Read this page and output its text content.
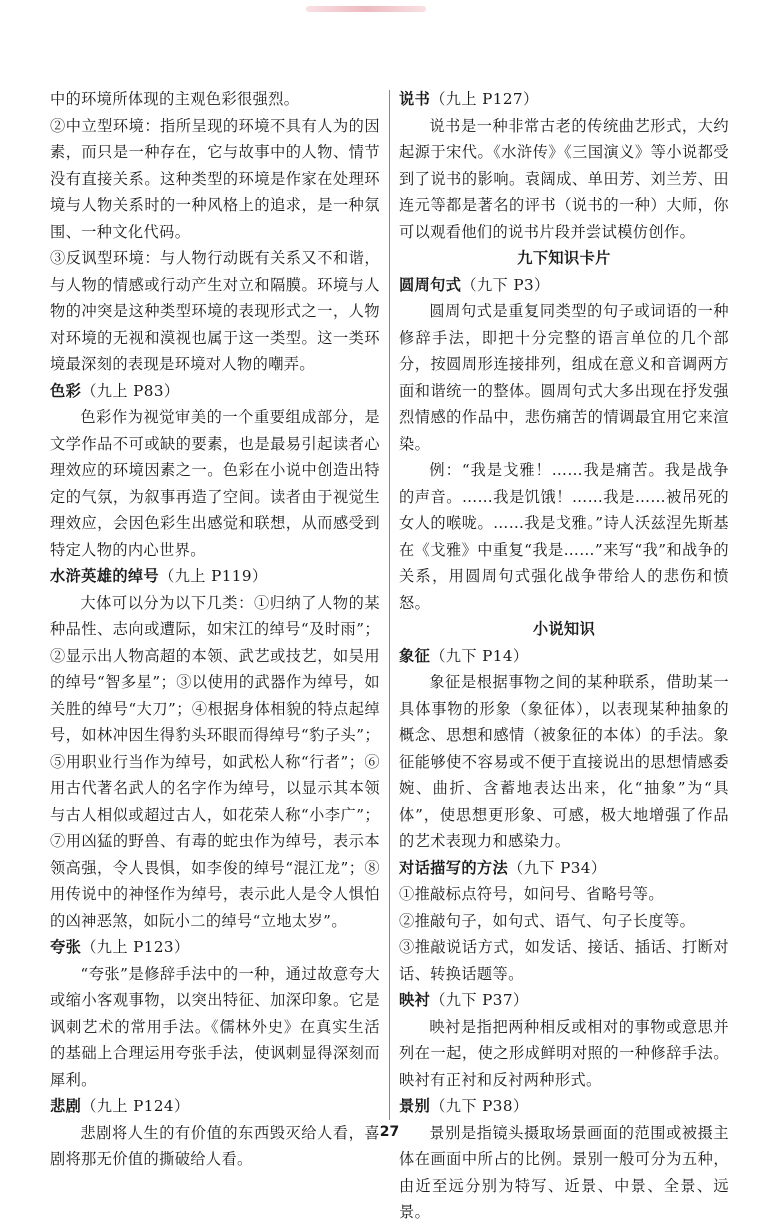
中的环境所体现的主观色彩很强烈。

②中立型环境：指所呈现的环境不具有人为的因素，而只是一种存在，它与故事中的人物、情节没有直接关系。这种类型的环境是作家在处理环境与人物关系时的一种风格上的追求，是一种氛围、一种文化代码。

③反讽型环境：与人物行动既有关系又不和谐，与人物的情感或行动产生对立和隔膜。环境与人物的冲突是这种类型环境的表现形式之一，人物对环境的无视和漠视也属于这一类型。这一类环境最深刻的表现是环境对人物的嘲弄。

色彩（九上 P83）

色彩作为视觉审美的一个重要组成部分，是文学作品不可或缺的要素，也是最易引起读者心理效应的环境因素之一。色彩在小说中创造出特定的气氛，为叙事再造了空间。读者由于视觉生理效应，会因色彩生出感觉和联想，从而感受到特定人物的内心世界。

水浒英雄的绰号（九上 P119）

大体可以分为以下几类：①归纳了人物的某种品性、志向或遭际，如宋江的绰号“及时雨”；②显示出人物高超的本领、武艺或技艺，如吴用的绰号“智多星”；③以使用的武器作为绰号，如关胜的绰号“大刀”；④根据身体相貌的特点起绰号，如林冲因生得豹头环眼而得绰号“豹子头”；⑤用职业行当作为绰号，如武松人称“行者”；⑥用古代著名武人的名字作为绰号，以显示其本领与古人相似或超过古人，如花荣人称“小李广”；⑦用凶猛的野兽、有毒的蛇虫作为绰号，表示本领高强，令人畏惧，如李俊的绰号“混江龙”；⑧用传说中的神怪作为绰号，表示此人是令人惧怕的凶神恶煞，如阮小二的绰号“立地太岁”。

夸张（九上 P123）

“夸张”是修辞手法中的一种，通过故意夸大或缩小客观事物，以突出特征、加深印象。它是讽刺艺术的常用手法。《儒林外史》在真实生活的基础上合理运用夸张手法，使讽刺显得深刻而犀利。

悲剧（九上 P124）

悲剧将人生的有价值的东西毁灭给人看，喜剧将那无价值的撕破给人看。

说书（九上 P127）

说书是一种非常古老的传统曲艺形式，大约起源于宋代。《水浒传》《三国演义》等小说都受到了说书的影响。袁阔成、单田芳、刘兰芳、田连元等都是著名的评书（说书的一种）大师，你可以观看他们的说书片段并尝试模仿创作。

九下知识卡片

圆周句式（九下 P3）

圆周句式是重复同类型的句子或词语的一种修辞手法，即把十分完整的语言单位的几个部分，按圆周形连接排列，组成在意义和音调两方面和谐统一的整体。圆周句式大多出现在抒发强烈情感的作品中，悲伤痛苦的情调最宜用它来渲染。

例：“我是戈雅！……我是痛苦。我是战争的声音。……我是饥饿！……我是……被吊死的女人的喉咙。……我是戈雅。”诗人沃兹涅先斯基在《戈雅》中重复“我是……”来写“我”和战争的关系，用圆周句式强化战争带给人的悲伤和愤怒。

小说知识

象征（九下 P14）

象征是根据事物之间的某种联系，借助某一具体事物的形象（象征体），以表现某种抽象的概念、思想和感情（被象征的本体）的手法。象征能够使不容易或不便于直接说出的思想情感委婉、曲折、含蓄地表达出来，化“抽象”为“具体”，使思想更形象、可感，极大地增强了作品的艺术表现力和感染力。

对话描写的方法（九下 P34）

①推敲标点符号，如问号、省略号等。

②推敲句子，如句式、语气、句子长度等。

③推敲说话方式，如发话、接话、插话、打断对话、转换话题等。

映衬（九下 P37）

映衬是指把两种相反或相对的事物或意思并列在一起，使之形成鲜明对照的一种修辞手法。映衬有正衬和反衬两种形式。

景别（九下 P38）

景别是指镜头摄取场景画面的范围或被摄主体在画面中所占的比例。景别一般可分为五种，由近至远分别为特写、近景、中景、全景、远景。

27
